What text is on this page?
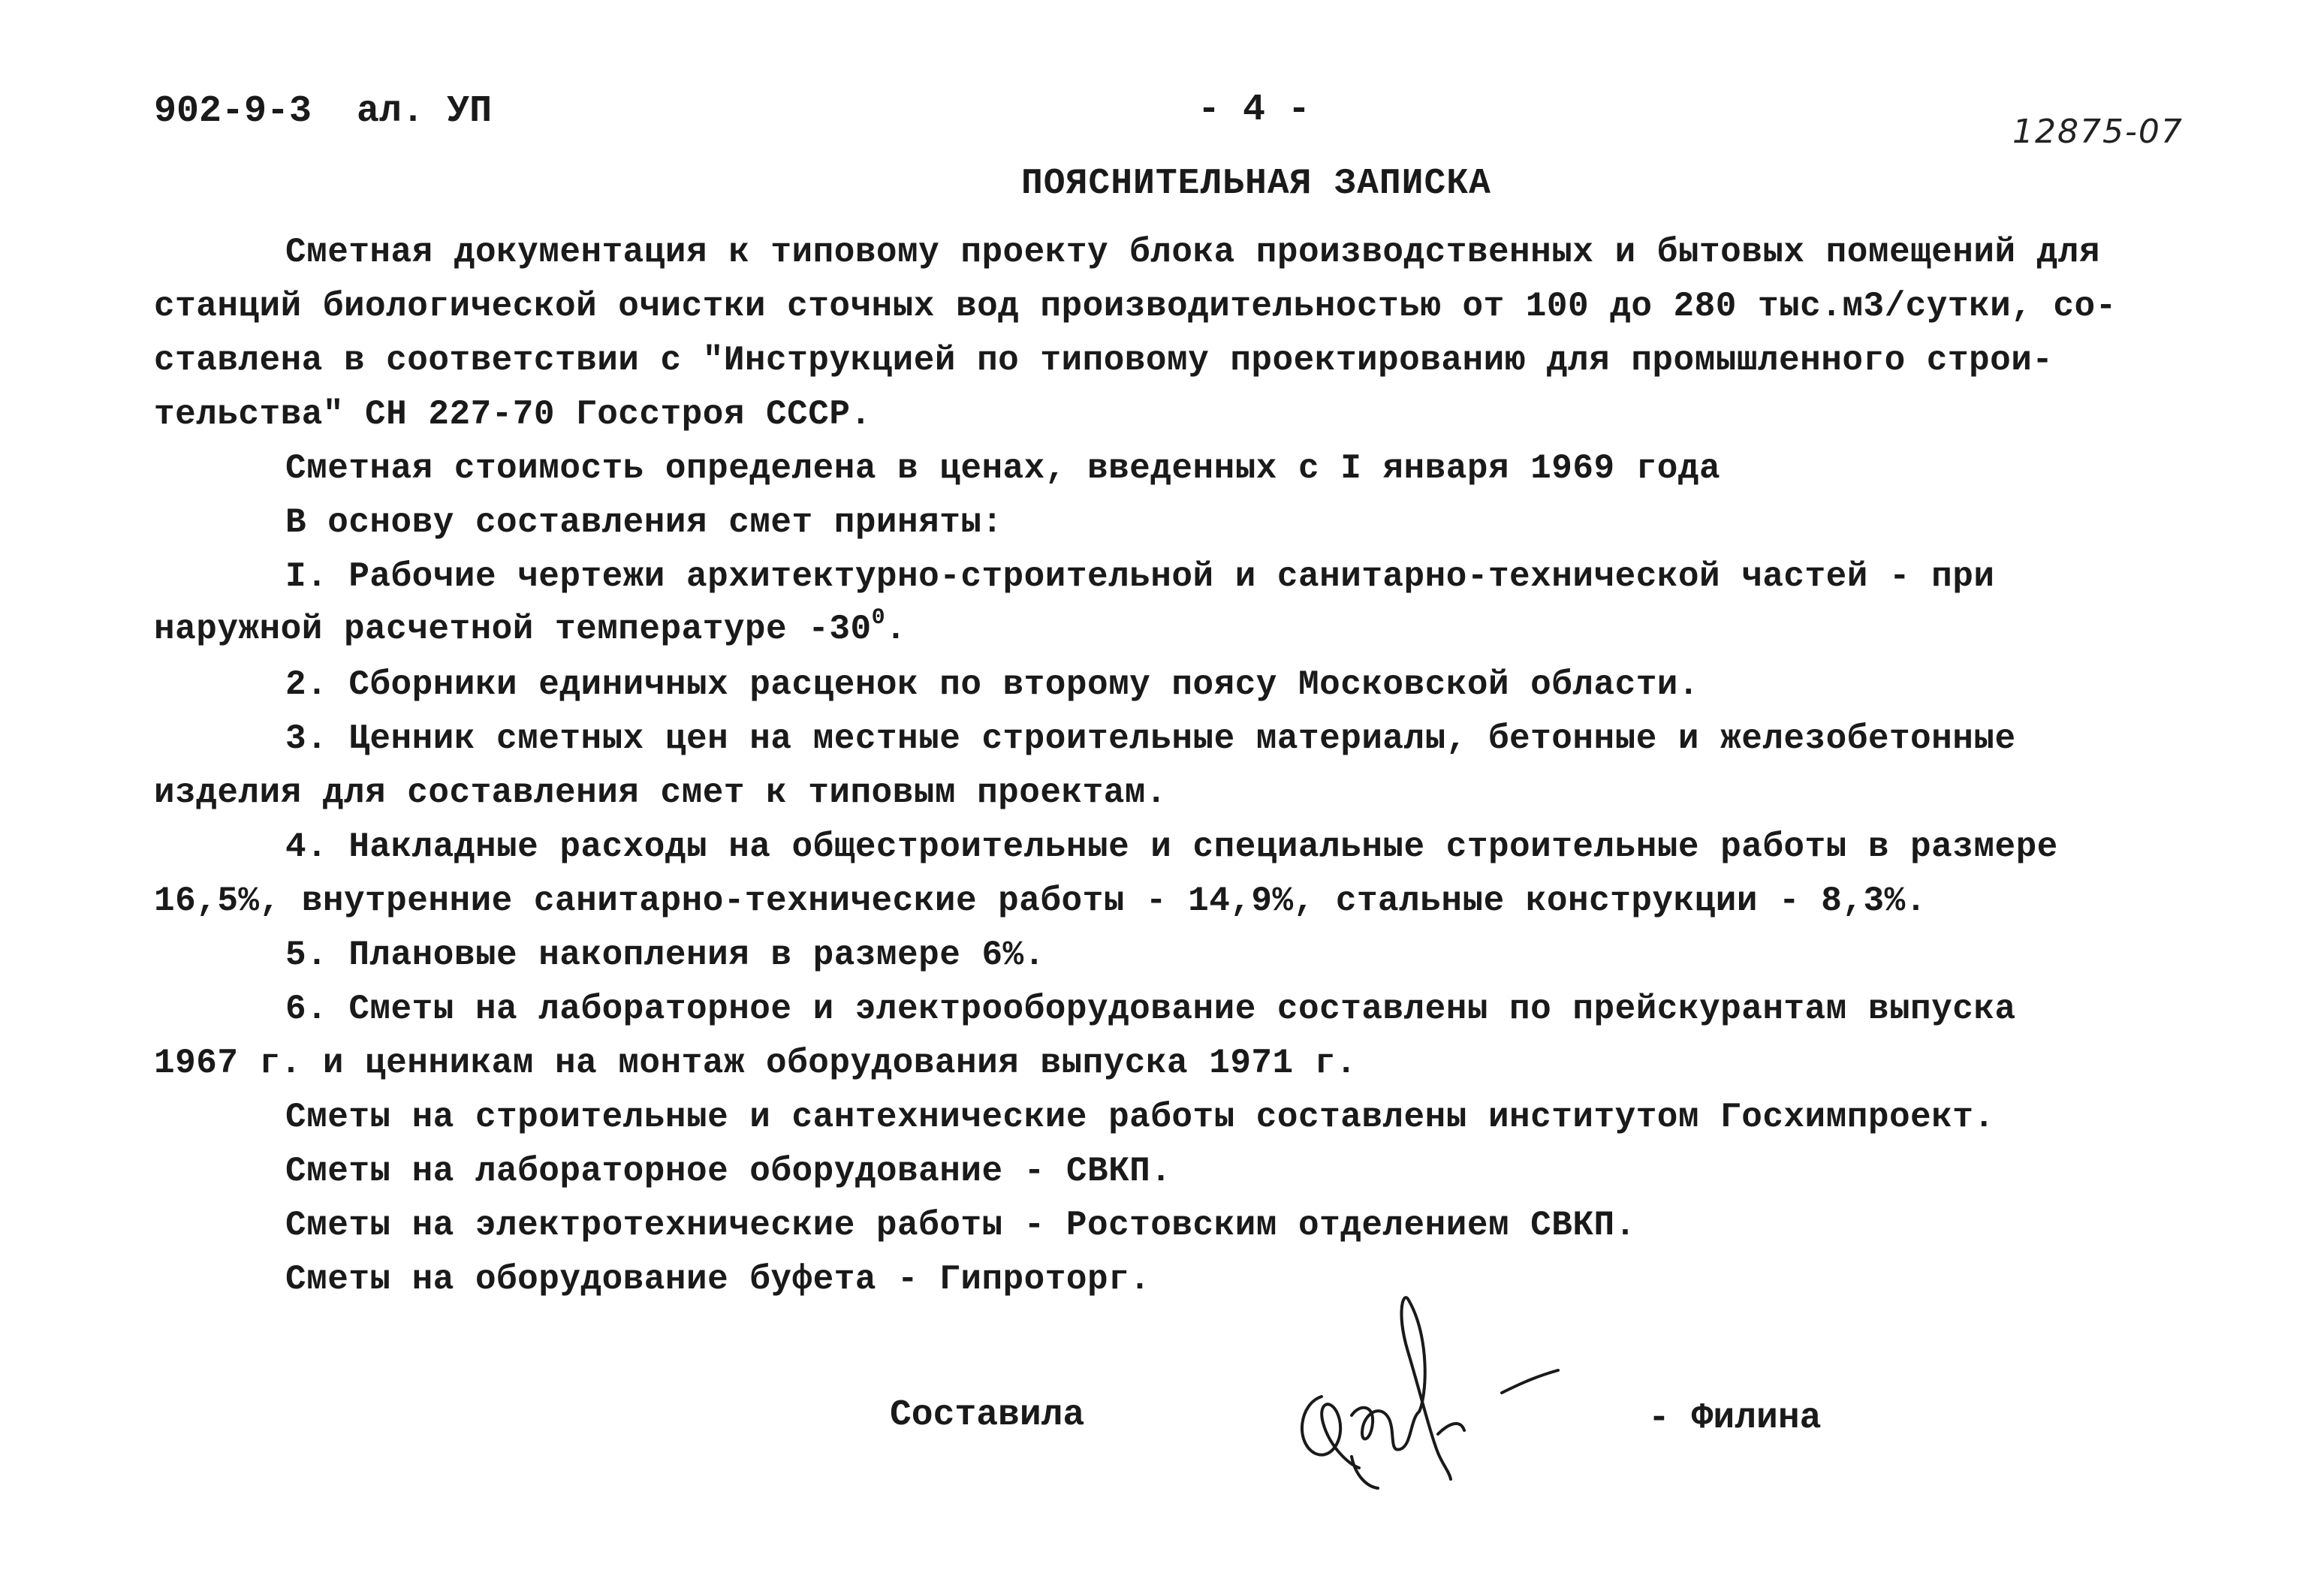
902-9-3  ал. УП	- 4 -
12875-07
ПОЯСНИТЕЛЬНАЯ ЗАПИСКА
Сметная документация к типовому проекту блока производственных и бытовых помещений для
станций биологической очистки сточных вод производительностью от 100 до 280 тыс.м3/сутки, со-
ставлена в соответствии с "Инструкцией по типовому проектированию для промышленного строи-
тельства" СН 227-70 Госстроя СССР.
Сметная стоимость определена в ценах, введенных с I января 1969 года
В основу составления смет приняты:
I. Рабочие чертежи архитектурно-строительной и санитарно-технической частей - при
наружной расчетной температуре $-30^0$.
2. Сборники единичных расценок по второму поясу Московской области.
3. Ценник сметных цен на местные строительные материалы, бетонные и железобетонные
изделия для составления смет к типовым проектам.
4. Накладные расходы на общестроительные и специальные строительные работы в размере
16,5%, внутренние санитарно-технические работы - 14,9%, стальные конструкции - 8,3%.
5. Плановые накопления в размере 6%.
6. Сметы на лабораторное и электрооборудование составлены по прейскурантам выпуска
1967 г. и ценникам на монтаж оборудования выпуска 1971 г.
Сметы на строительные и сантехнические работы составлены институтом Госхимпроект.
Сметы на лабораторное оборудование - СВКП.
Сметы на электротехнические работы - Ростовским отделением СВКП.
Сметы на оборудование буфета - Гипроторг.
Составила	- Филина
